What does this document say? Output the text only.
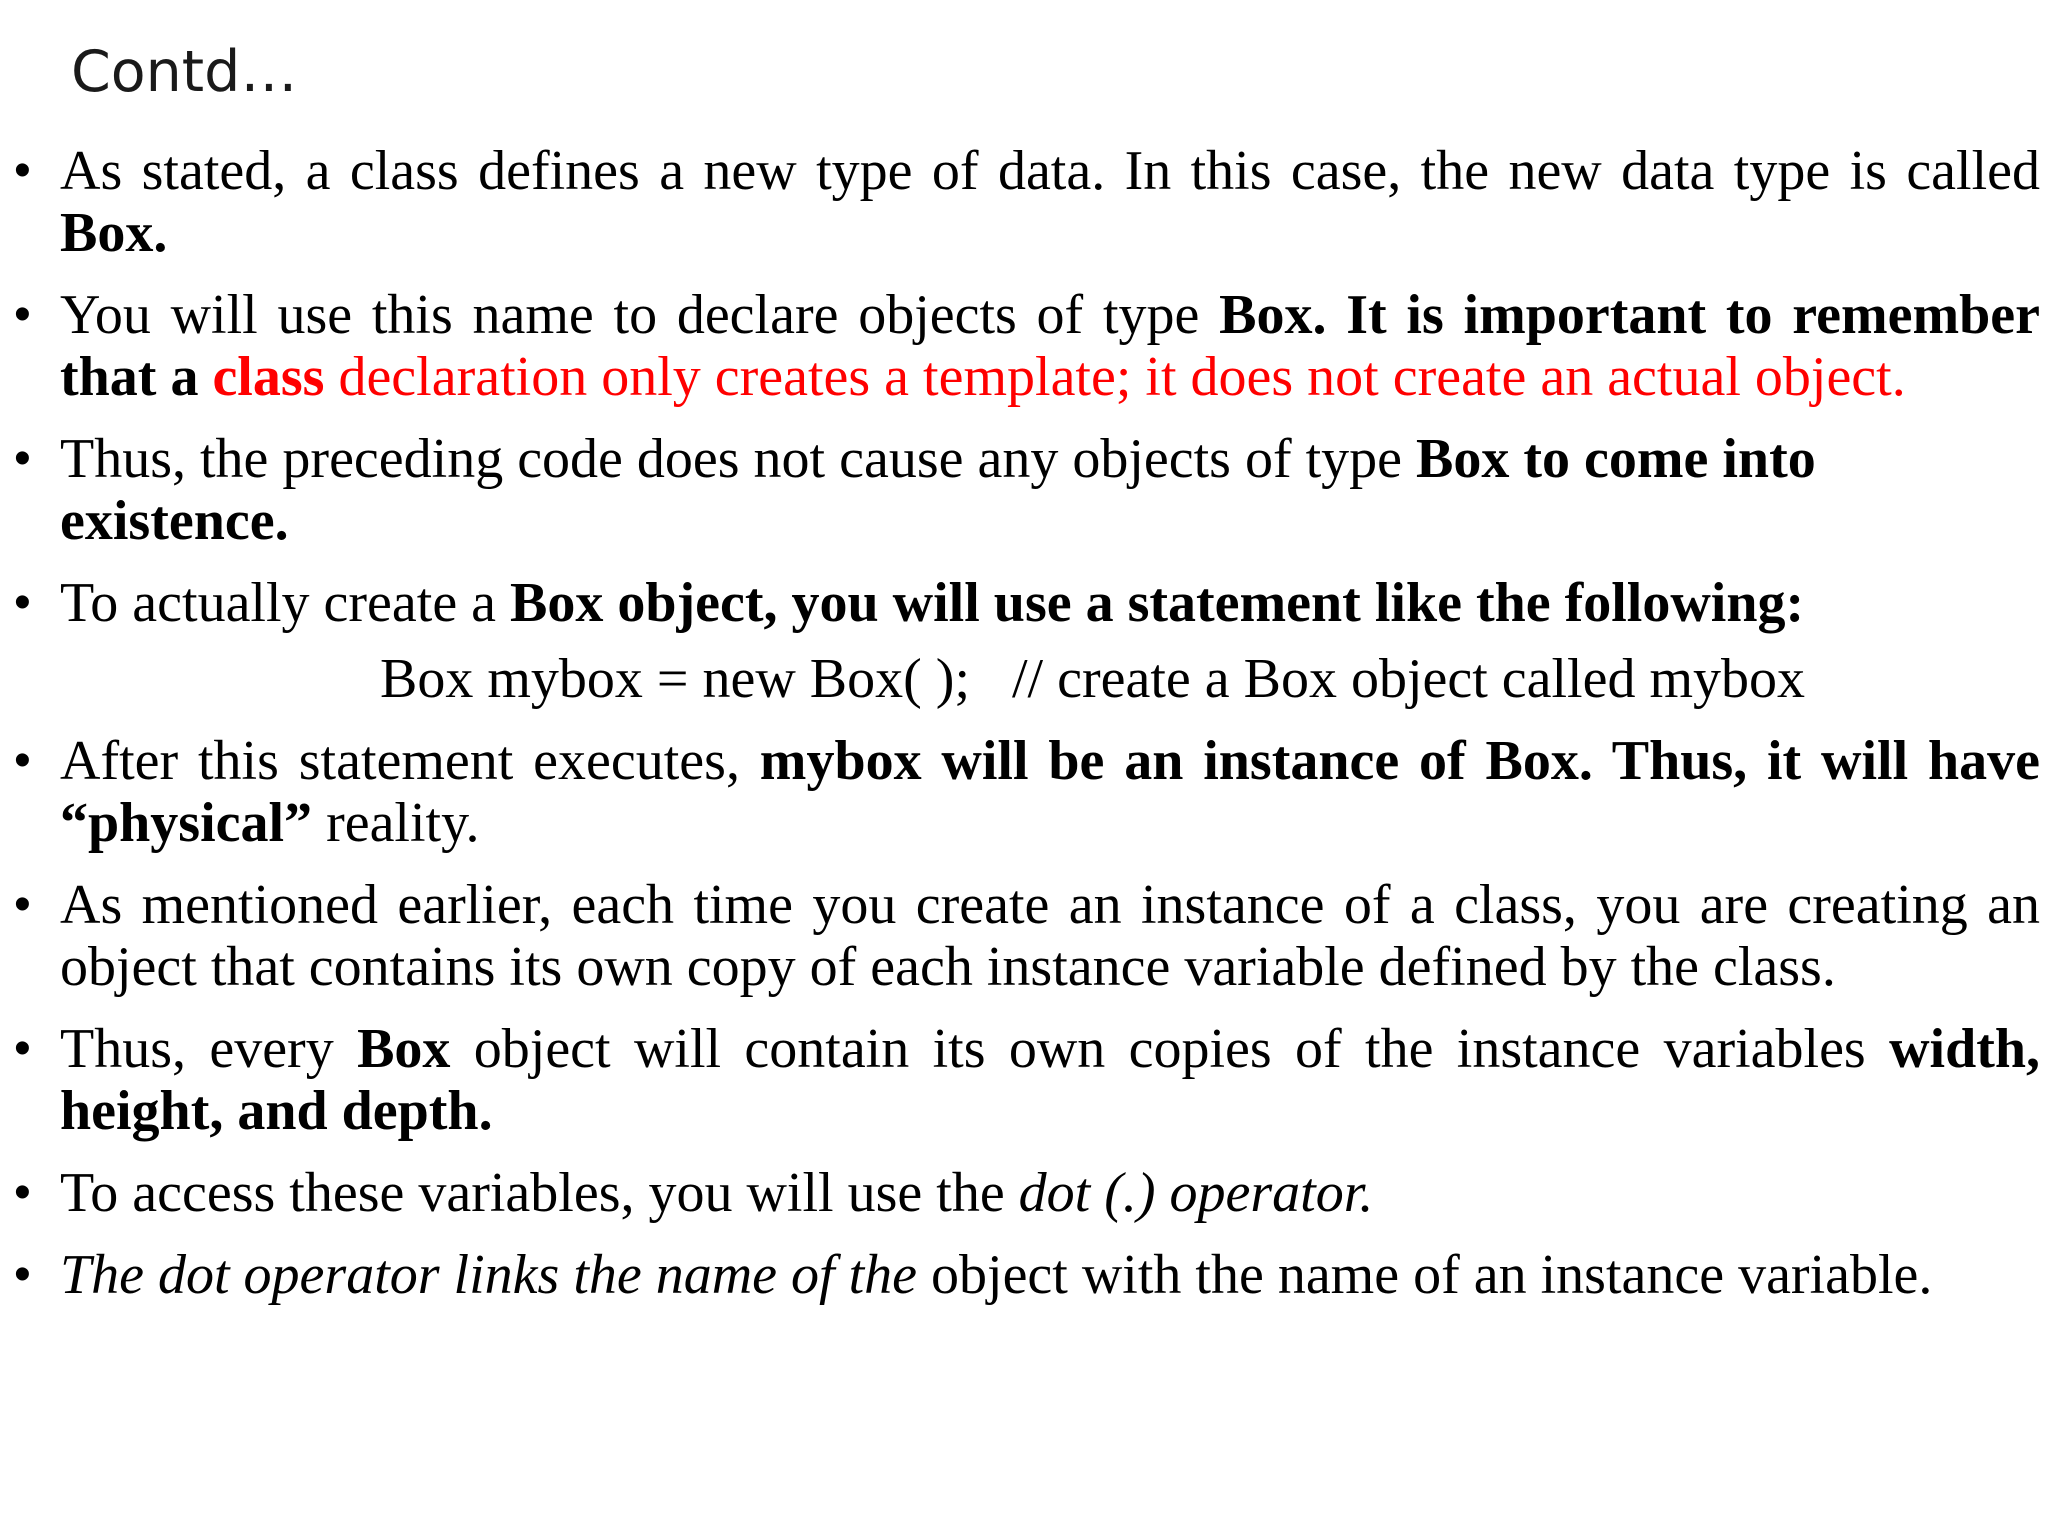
Contd…
• As stated, a class defines a new type of data. In this case, the new data type is called Box.
• You will use this name to declare objects of type Box. It is important to remember that a class declaration only creates a template; it does not create an actual object.
• Thus, the preceding code does not cause any objects of type Box to come into existence.
• To actually create a Box object, you will use a statement like the following:
Box mybox = new Box( );   // create a Box object called mybox
• After this statement executes, mybox will be an instance of Box. Thus, it will have “physical” reality.
• As mentioned earlier, each time you create an instance of a class, you are creating an object that contains its own copy of each instance variable defined by the class.
• Thus, every Box object will contain its own copies of the instance variables width, height, and depth.
• To access these variables, you will use the dot (.) operator.
• The dot operator links the name of the object with the name of an instance variable.
